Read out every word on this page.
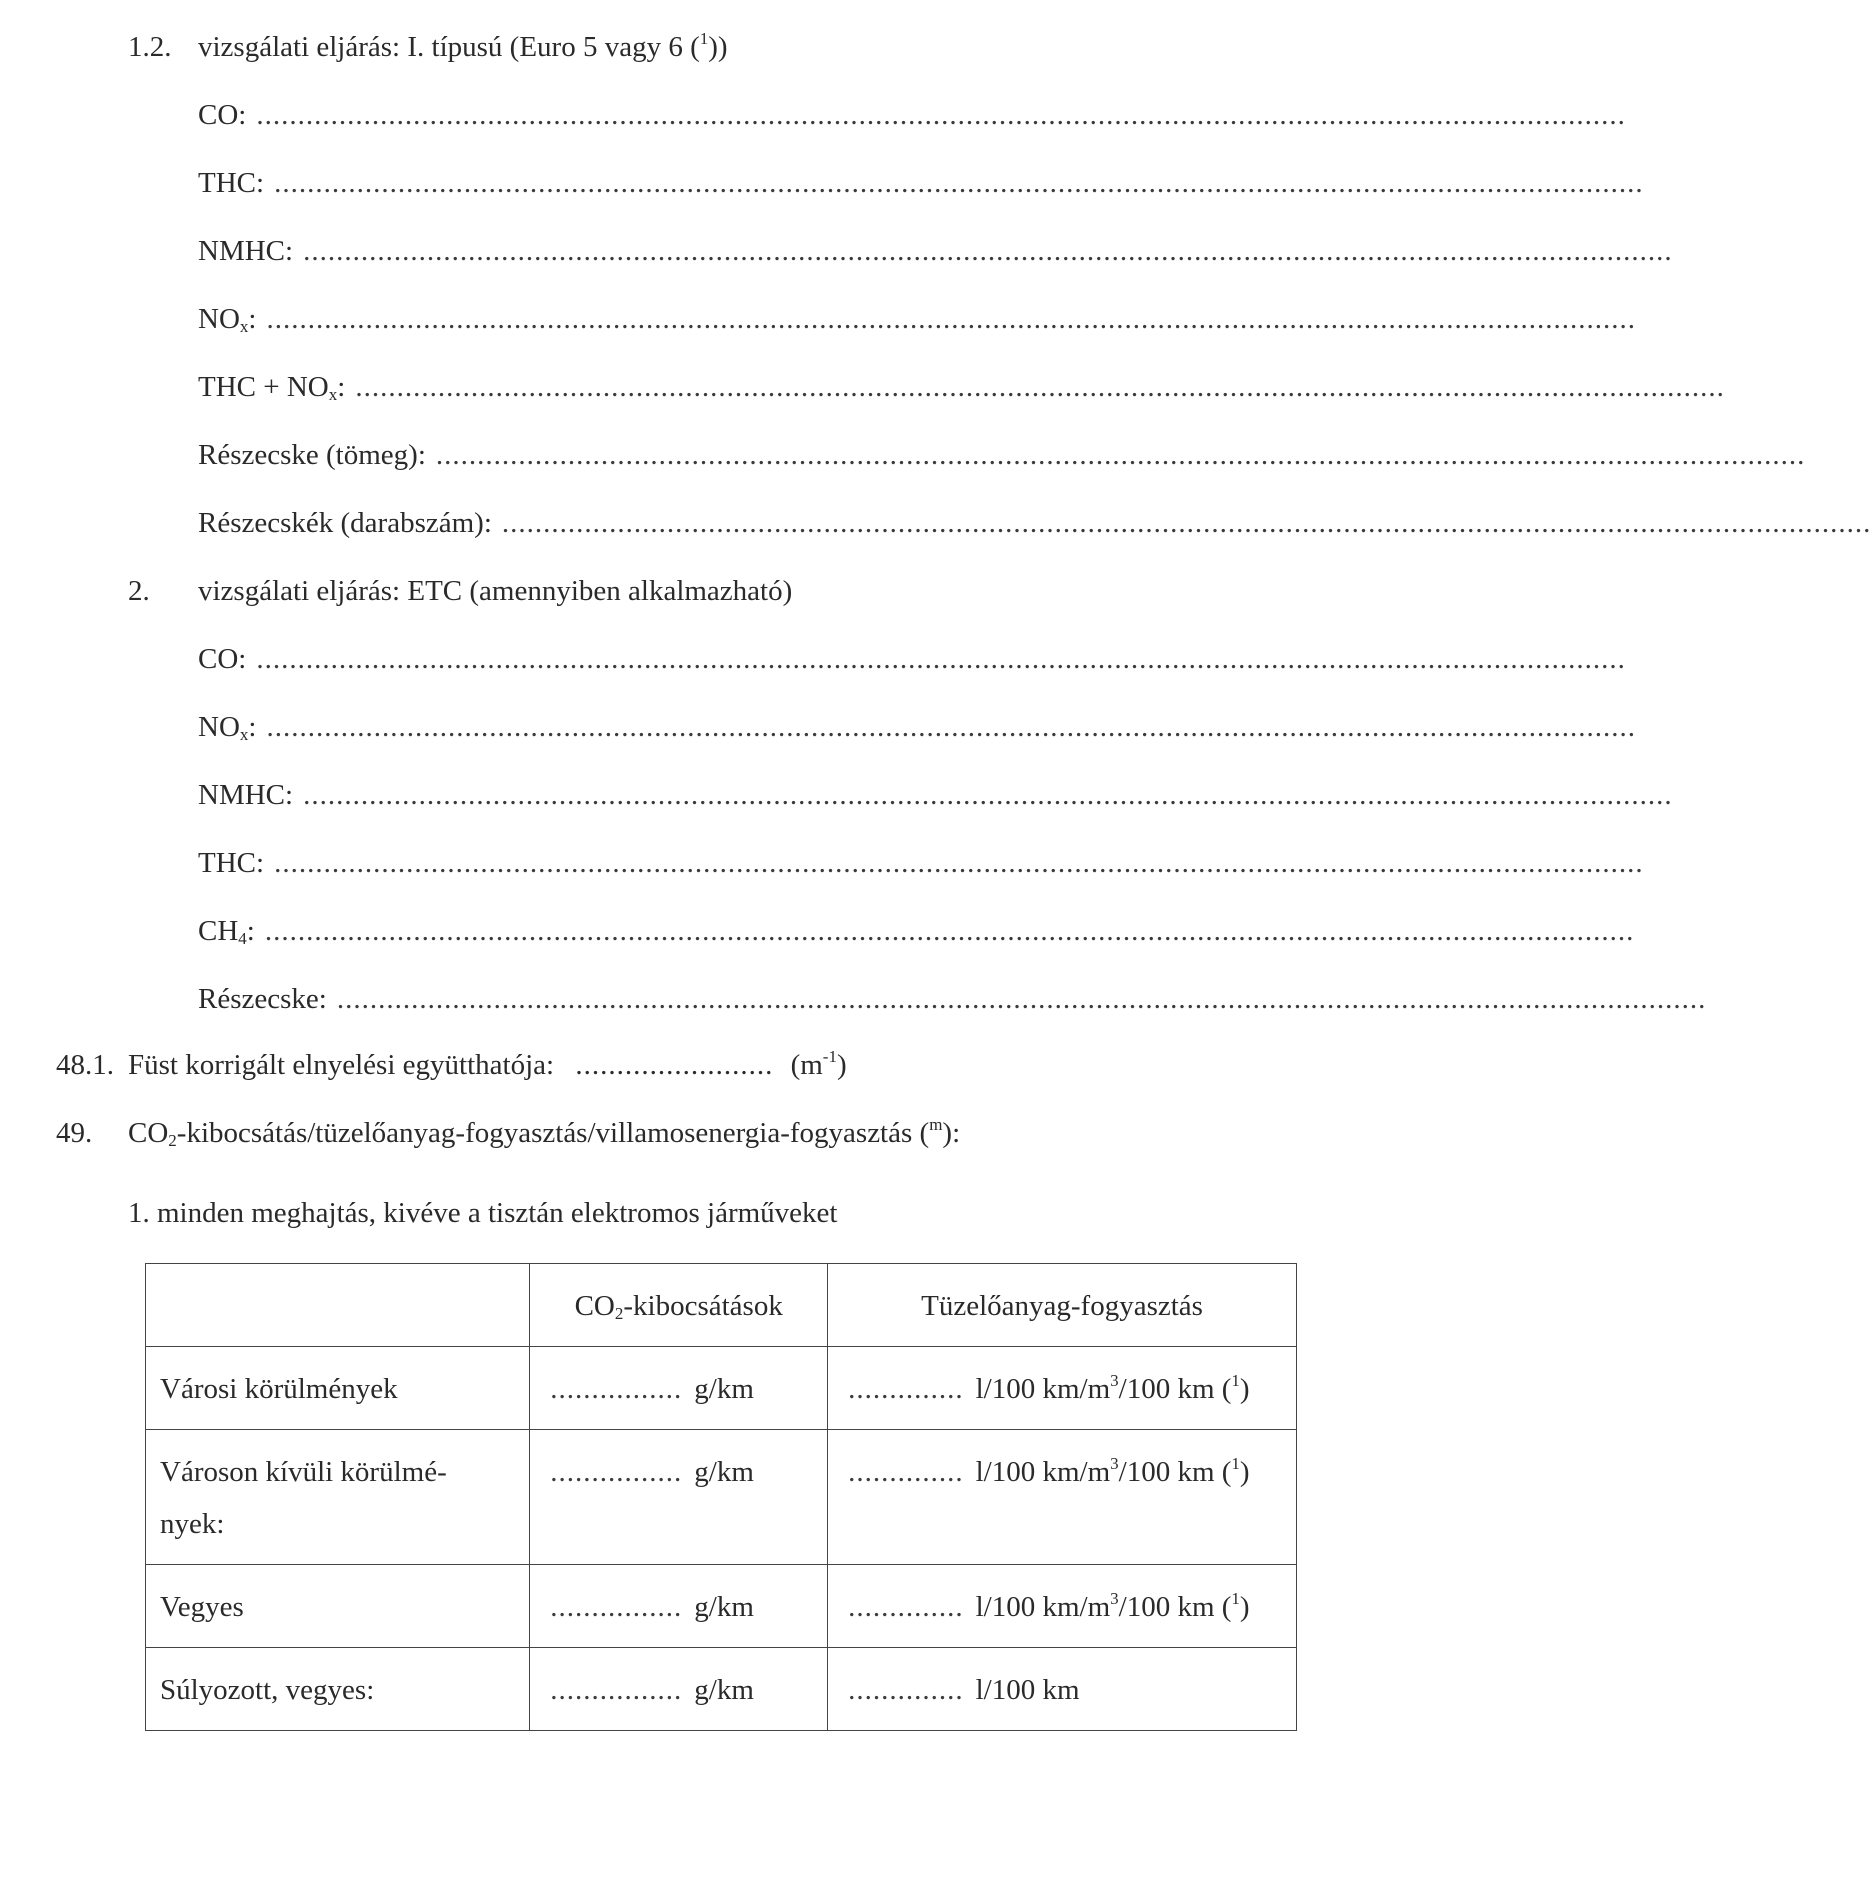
1.2. vizsgálati eljárás: I. típusú (Euro 5 vagy 6 ($^1$))
CO: ......................................................................................................................................................................
THC: ......................................................................................................................................................................
NMHC: ......................................................................................................................................................................
$NO_x$: ......................................................................................................................................................................
THC + $NO_x$: ......................................................................................................................................................................
Részecske (tömeg): ......................................................................................................................................................................
Részecskék (darabszám): ......................................................................................................................................................................
2. vizsgálati eljárás: ETC (amennyiben alkalmazható)
CO: ......................................................................................................................................................................
$NO_x$: ......................................................................................................................................................................
NMHC: ......................................................................................................................................................................
THC: ......................................................................................................................................................................
$CH_4$: ......................................................................................................................................................................
Részecske: ......................................................................................................................................................................
48.1. Füst korrigált elnyelési együtthatója: ........................ $(m^{-1})$
49. $CO_2-kibocsátás/tüzelőanyag-fogyasztás/villamosenergia$-fogyasztás ($^m$):
1. minden meghajtás, kivéve a tisztán elektromos járműveket
	$CO_2$-kibocsátások	Tüzelőanyag-fogyasztás
Városi körülmények	................ g/km	.............. l/100 $km/m^3/100$ km ($^1$)

Városon kívüli körülmé-
nyek:	................ g/km	.............. l/100 $km/m^3/100$ km ($^1$)
Vegyes	................ g/km	.............. l/100 $km/m^3/100$ km ($^1$)
Súlyozott, vegyes:	................ g/km	.............. l/100 km
